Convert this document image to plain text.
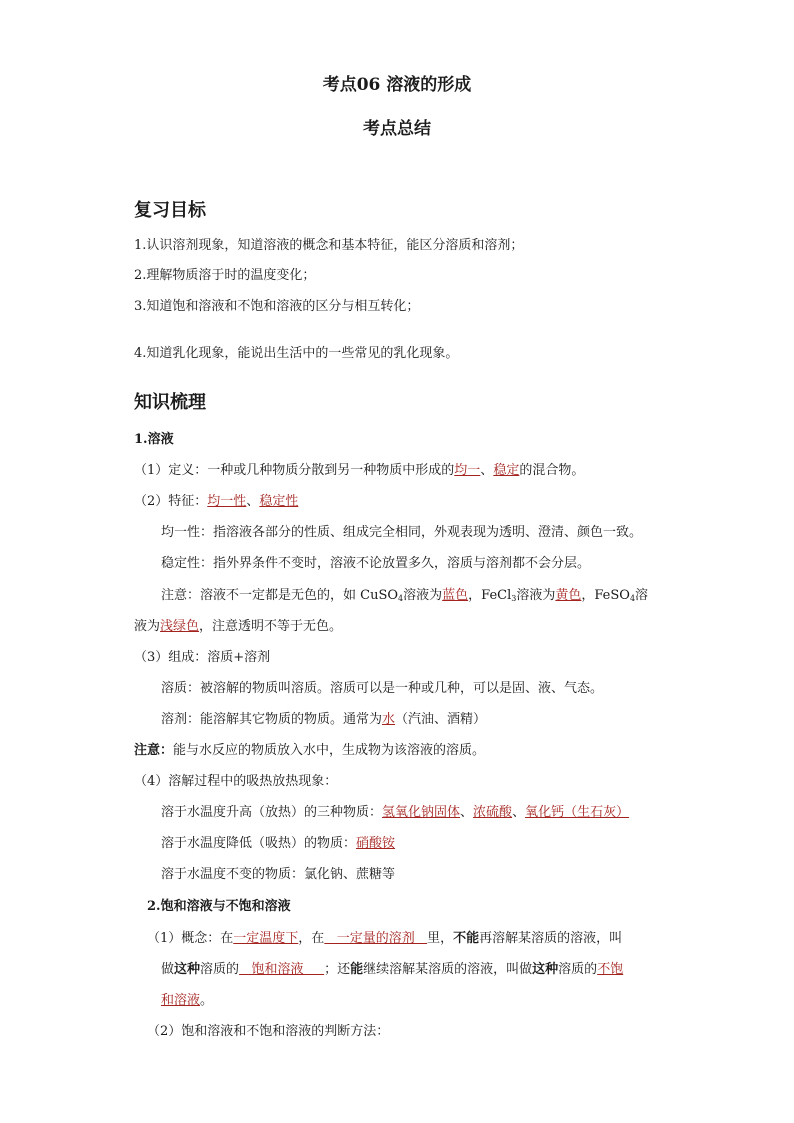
考点06 溶液的形成
考点总结
复习目标
1.认识溶剂现象，知道溶液的概念和基本特征，能区分溶质和溶剂；
2.理解物质溶于时的温度变化；
3.知道饱和溶液和不饱和溶液的区分与相互转化；
4.知道乳化现象，能说出生活中的一些常见的乳化现象。
知识梳理
1.溶液
（1）定义：一种或几种物质分散到另一种物质中形成的均一、稳定的混合物。
（2）特征：均一性、稳定性
均一性：指溶液各部分的性质、组成完全相同，外观表现为透明、澄清、颜色一致。
稳定性：指外界条件不变时，溶液不论放置多久，溶质与溶剂都不会分层。
注意：溶液不一定都是无色的，如 CuSO$_4$溶液为蓝色，FeCl$_3$溶液为黄色，FeSO$_4$溶
液为浅绿色，注意透明不等于无色。
（3）组成：溶质+溶剂
溶质：被溶解的物质叫溶质。溶质可以是一种或几种，可以是固、液、气态。
溶剂：能溶解其它物质的物质。通常为水（汽油、酒精）
注意：能与水反应的物质放入水中，生成物为该溶液的溶质。
（4）溶解过程中的吸热放热现象：
溶于水温度升高（放热）的三种物质：氢氧化钠固体、浓硫酸、氧化钙（生石灰）
溶于水温度降低（吸热）的物质：硝酸铵
溶于水温度不变的物质：氯化钠、蔗糖等
2.饱和溶液与不饱和溶液
（1）概念：在一定温度下，在   一定量的溶剂   里，不能再溶解某溶质的溶液，叫
做这种溶质的   饱和溶液     ；还能继续溶解某溶质的溶液，叫做这种溶质的不饱
和溶液。
（2）饱和溶液和不饱和溶液的判断方法：
